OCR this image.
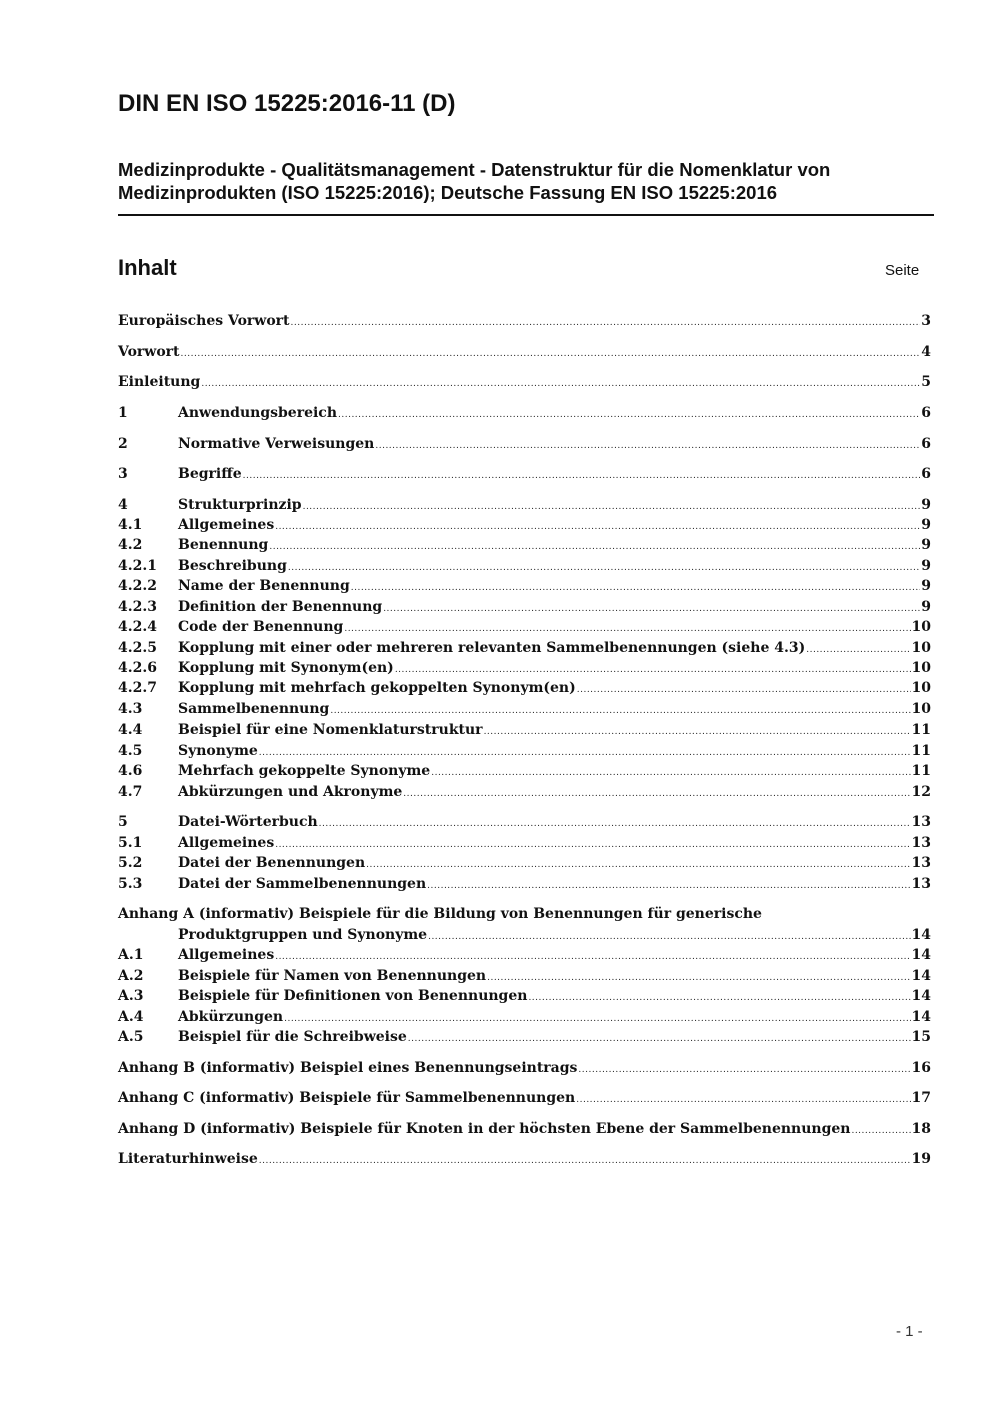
DIN EN ISO 15225:2016-11 (D)

Medizinprodukte - Qualitätsmanagement - Datenstruktur für die Nomenklatur von Medizinprodukten (ISO 15225:2016); Deutsche Fassung EN ISO 15225:2016

Inhalt	Seite
Europäisches Vorwort .....	3
Vorwort .....	4
Einleitung .....	5
1	Anwendungsbereich .....	6
2	Normative Verweisungen .....	6
3	Begriffe .....	6
4	Strukturprinzip .....	9
4.1	Allgemeines .....	9
4.2	Benennung .....	9
4.2.1	Beschreibung .....	9
4.2.2	Name der Benennung .....	9
4.2.3	Definition der Benennung .....	9
4.2.4	Code der Benennung .....	10
4.2.5	Kopplung mit einer oder mehreren relevanten Sammelbenennungen (siehe 4.3) .....	10
4.2.6	Kopplung mit Synonym(en) .....	10
4.2.7	Kopplung mit mehrfach gekoppelten Synonym(en) .....	10
4.3	Sammelbenennung .....	10
4.4	Beispiel für eine Nomenklaturstruktur .....	11
4.5	Synonyme .....	11
4.6	Mehrfach gekoppelte Synonyme .....	11
4.7	Abkürzungen und Akronyme .....	12
5	Datei-Wörterbuch .....	13
5.1	Allgemeines .....	13
5.2	Datei der Benennungen .....	13
5.3	Datei der Sammelbenennungen .....	13
Anhang A (informativ) Beispiele für die Bildung von Benennungen für generische
Produktgruppen und Synonyme .....	14
A.1	Allgemeines .....	14
A.2	Beispiele für Namen von Benennungen .....	14
A.3	Beispiele für Definitionen von Benennungen .....	14
A.4	Abkürzungen .....	14
A.5	Beispiel für die Schreibweise .....	15
Anhang B (informativ) Beispiel eines Benennungseintrags .....	16
Anhang C (informativ) Beispiele für Sammelbenennungen .....	17
Anhang D (informativ) Beispiele für Knoten in der höchsten Ebene der Sammelbenennungen .....	18
Literaturhinweise .....	19
- 1 -
